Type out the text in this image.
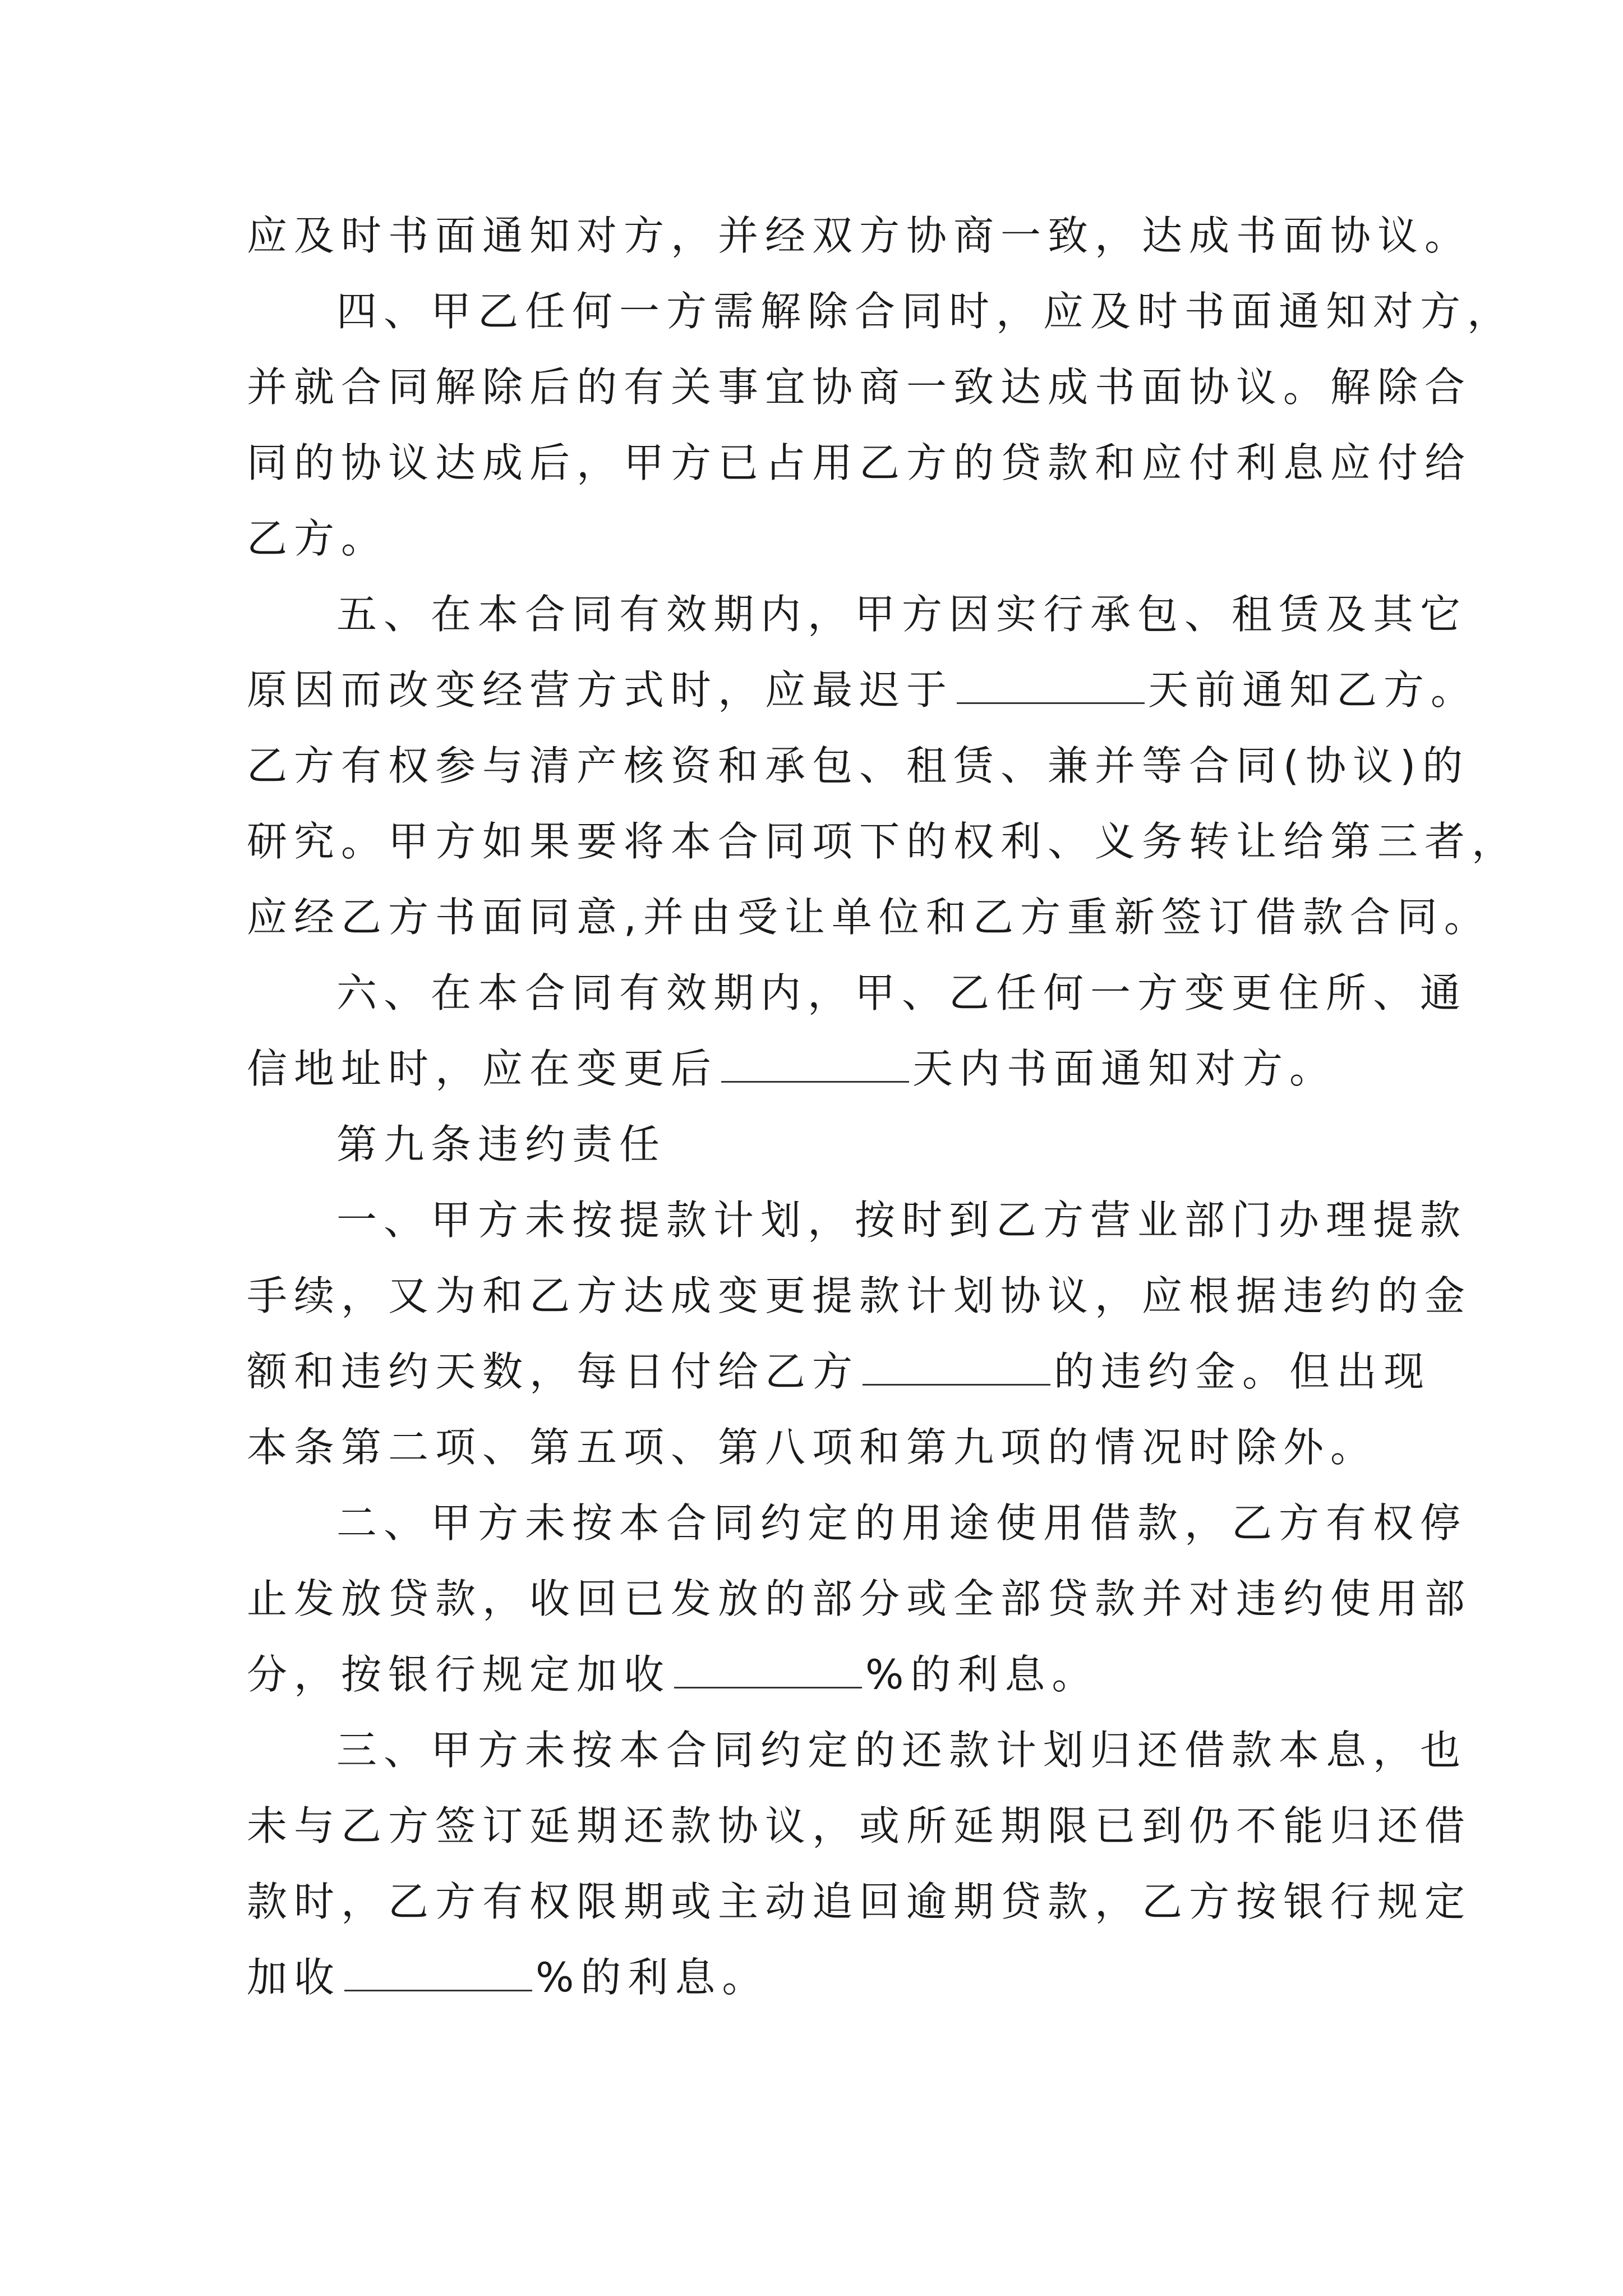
应及时书面通知对方，并经双方协商一致，达成书面协议。
四、甲乙任何一方需解除合同时，应及时书面通知对方，
并就合同解除后的有关事宜协商一致达成书面协议。解除合
同的协议达成后，甲方已占用乙方的贷款和应付利息应付给
乙方。
五、在本合同有效期内，甲方因实行承包、租赁及其它
原因而改变经营方式时，应最迟于	天前通知乙方。
乙方有权参与清产核资和承包、租赁、兼并等合同(协议)的
研究。甲方如果要将本合同项下的权利、义务转让给第三者，
应经乙方书面同意,并由受让单位和乙方重新签订借款合同。
六、在本合同有效期内，甲、乙任何一方变更住所、通
信地址时，应在变更后	天内书面通知对方。
第九条违约责任
一、甲方未按提款计划，按时到乙方营业部门办理提款
手续，又为和乙方达成变更提款计划协议，应根据违约的金
额和违约天数，每日付给乙方	的违约金。但出现
本条第二项、第五项、第八项和第九项的情况时除外。
二、甲方未按本合同约定的用途使用借款，乙方有权停
止发放贷款，收回已发放的部分或全部贷款并对违约使用部
分，按银行规定加收	%的利息。
三、甲方未按本合同约定的还款计划归还借款本息，也
未与乙方签订延期还款协议，或所延期限已到仍不能归还借
款时，乙方有权限期或主动追回逾期贷款，乙方按银行规定
加收	%的利息。
